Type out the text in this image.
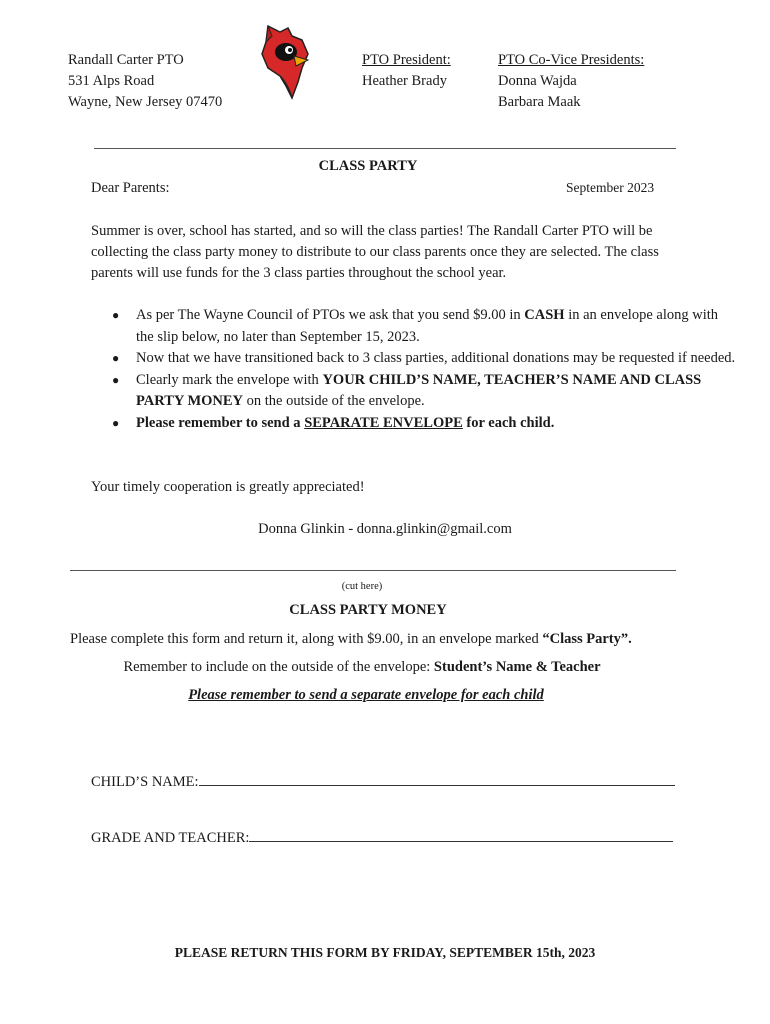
Randall Carter PTO
531 Alps Road
Wayne, New Jersey 07470
PTO President:
Heather Brady
PTO Co-Vice Presidents:
Donna Wajda
Barbara Maak
CLASS PARTY
Dear Parents:	September 2023
Summer is over, school has started, and so will the class parties! The Randall Carter PTO will be collecting the class party money to distribute to our class parents once they are selected. The class parents will use funds for the 3 class parties throughout the school year.
● As per The Wayne Council of PTOs we ask that you send $9.00 in CASH in an envelope along with the slip below, no later than September 15, 2023.
● Now that we have transitioned back to 3 class parties, additional donations may be requested if needed.
● Clearly mark the envelope with YOUR CHILD’S NAME, TEACHER’S NAME AND CLASS PARTY MONEY on the outside of the envelope.
● Please remember to send a SEPARATE ENVELOPE for each child.
Your timely cooperation is greatly appreciated!
Donna Glinkin - donna.glinkin@gmail.com
(cut here)
CLASS PARTY MONEY
Please complete this form and return it, along with $9.00, in an envelope marked “Class Party”.
Remember to include on the outside of the envelope: Student’s Name & Teacher
Please remember to send a separate envelope for each child
CHILD’S NAME:
GRADE AND TEACHER:
PLEASE RETURN THIS FORM BY FRIDAY, SEPTEMBER 15th, 2023
